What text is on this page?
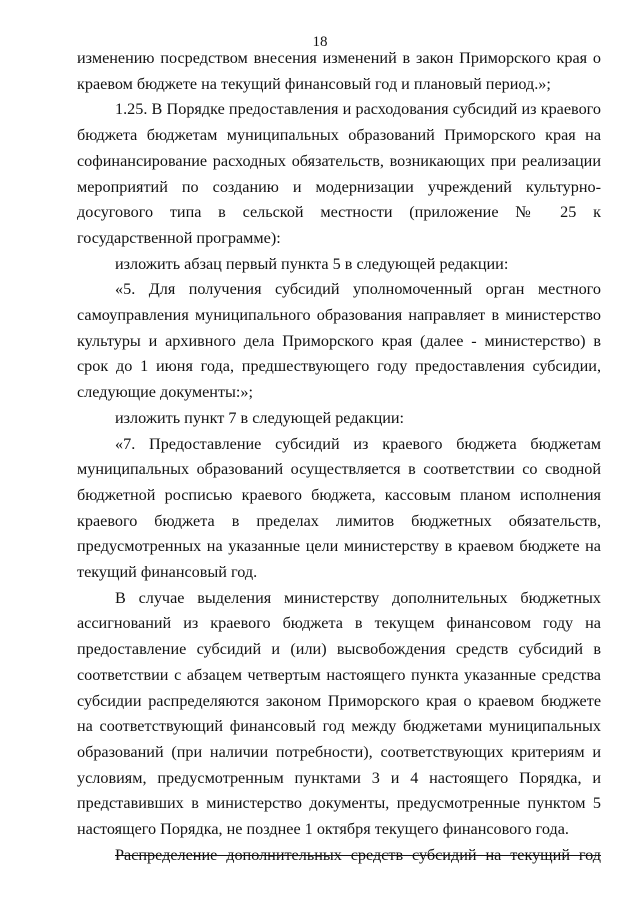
18

изменению посредством внесения изменений в закон Приморского края о краевом бюджете на текущий финансовый год и плановый период.»;

1.25. В Порядке предоставления и расходования субсидий из краевого бюджета бюджетам муниципальных образований Приморского края на софинансирование расходных обязательств, возникающих при реализации мероприятий по созданию и модернизации учреждений культурно-досугового типа в сельской местности (приложение № 25 к государственной программе):

изложить абзац первый пункта 5 в следующей редакции:

«5. Для получения субсидий уполномоченный орган местного самоуправления муниципального образования направляет в министерство культуры и архивного дела Приморского края (далее - министерство) в срок до 1 июня года, предшествующего году предоставления субсидии, следующие документы:»;

изложить пункт 7 в следующей редакции:

«7. Предоставление субсидий из краевого бюджета бюджетам муниципальных образований осуществляется в соответствии со сводной бюджетной росписью краевого бюджета, кассовым планом исполнения краевого бюджета в пределах лимитов бюджетных обязательств, предусмотренных на указанные цели министерству в краевом бюджете на текущий финансовый год.

В случае выделения министерству дополнительных бюджетных ассигнований из краевого бюджета в текущем финансовом году на предоставление субсидий и (или) высвобождения средств субсидий в соответствии с абзацем четвертым настоящего пункта указанные средства субсидии распределяются законом Приморского края о краевом бюджете на соответствующий финансовый год между бюджетами муниципальных образований (при наличии потребности), соответствующих критериям и условиям, предусмотренным пунктами 3 и 4 настоящего Порядка, и представивших в министерство документы, предусмотренные пунктом 5 настоящего Порядка, не позднее 1 октября текущего финансового года.

Распределение дополнительных средств субсидий на текущий год
